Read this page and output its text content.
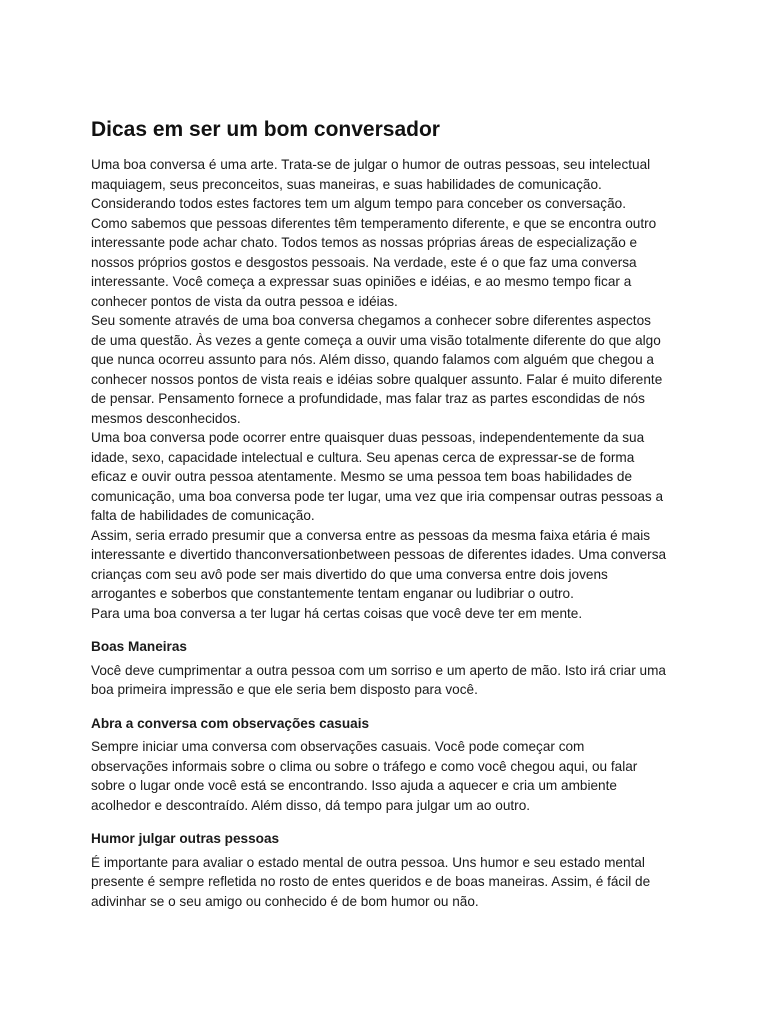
Dicas em ser um bom conversador
Uma boa conversa é uma arte. Trata-se de julgar o humor de outras pessoas, seu intelectual
maquiagem, seus preconceitos, suas maneiras, e suas habilidades de comunicação.
Considerando todos estes factores tem um algum tempo para conceber os conversação.
Como sabemos que pessoas diferentes têm temperamento diferente, e que se encontra outro
interessante pode achar chato. Todos temos as nossas próprias áreas de especialização e
nossos próprios gostos e desgostos pessoais. Na verdade, este é o que faz uma conversa
interessante. Você começa a expressar suas opiniões e idéias, e ao mesmo tempo ficar a
conhecer pontos de vista da outra pessoa e idéias.
Seu somente através de uma boa conversa chegamos a conhecer sobre diferentes aspectos
de uma questão. Às vezes a gente começa a ouvir uma visão totalmente diferente do que algo
que nunca ocorreu assunto para nós. Além disso, quando falamos com alguém que chegou a
conhecer nossos pontos de vista reais e idéias sobre qualquer assunto. Falar é muito diferente
de pensar. Pensamento fornece a profundidade, mas falar traz as partes escondidas de nós
mesmos desconhecidos.
Uma boa conversa pode ocorrer entre quaisquer duas pessoas, independentemente da sua
idade, sexo, capacidade intelectual e cultura. Seu apenas cerca de expressar-se de forma
eficaz e ouvir outra pessoa atentamente. Mesmo se uma pessoa tem boas habilidades de
comunicação, uma boa conversa pode ter lugar, uma vez que iria compensar outras pessoas a
falta de habilidades de comunicação.
Assim, seria errado presumir que a conversa entre as pessoas da mesma faixa etária é mais
interessante e divertido thanconversationbetween pessoas de diferentes idades. Uma conversa
crianças com seu avô pode ser mais divertido do que uma conversa entre dois jovens
arrogantes e soberbos que constantemente tentam enganar ou ludibriar o outro.
Para uma boa conversa a ter lugar há certas coisas que você deve ter em mente.
Boas Maneiras
Você deve cumprimentar a outra pessoa com um sorriso e um aperto de mão. Isto irá criar uma
boa primeira impressão e que ele seria bem disposto para você.
Abra a conversa com observações casuais
Sempre iniciar uma conversa com observações casuais. Você pode começar com
observações informais sobre o clima ou sobre o tráfego e como você chegou aqui, ou falar
sobre o lugar onde você está se encontrando. Isso ajuda a aquecer e cria um ambiente
acolhedor e descontraído. Além disso, dá tempo para julgar um ao outro.
Humor julgar outras pessoas
É importante para avaliar o estado mental de outra pessoa. Uns humor e seu estado mental
presente é sempre refletida no rosto de entes queridos e de boas maneiras. Assim, é fácil de
adivinhar se o seu amigo ou conhecido é de bom humor ou não.
